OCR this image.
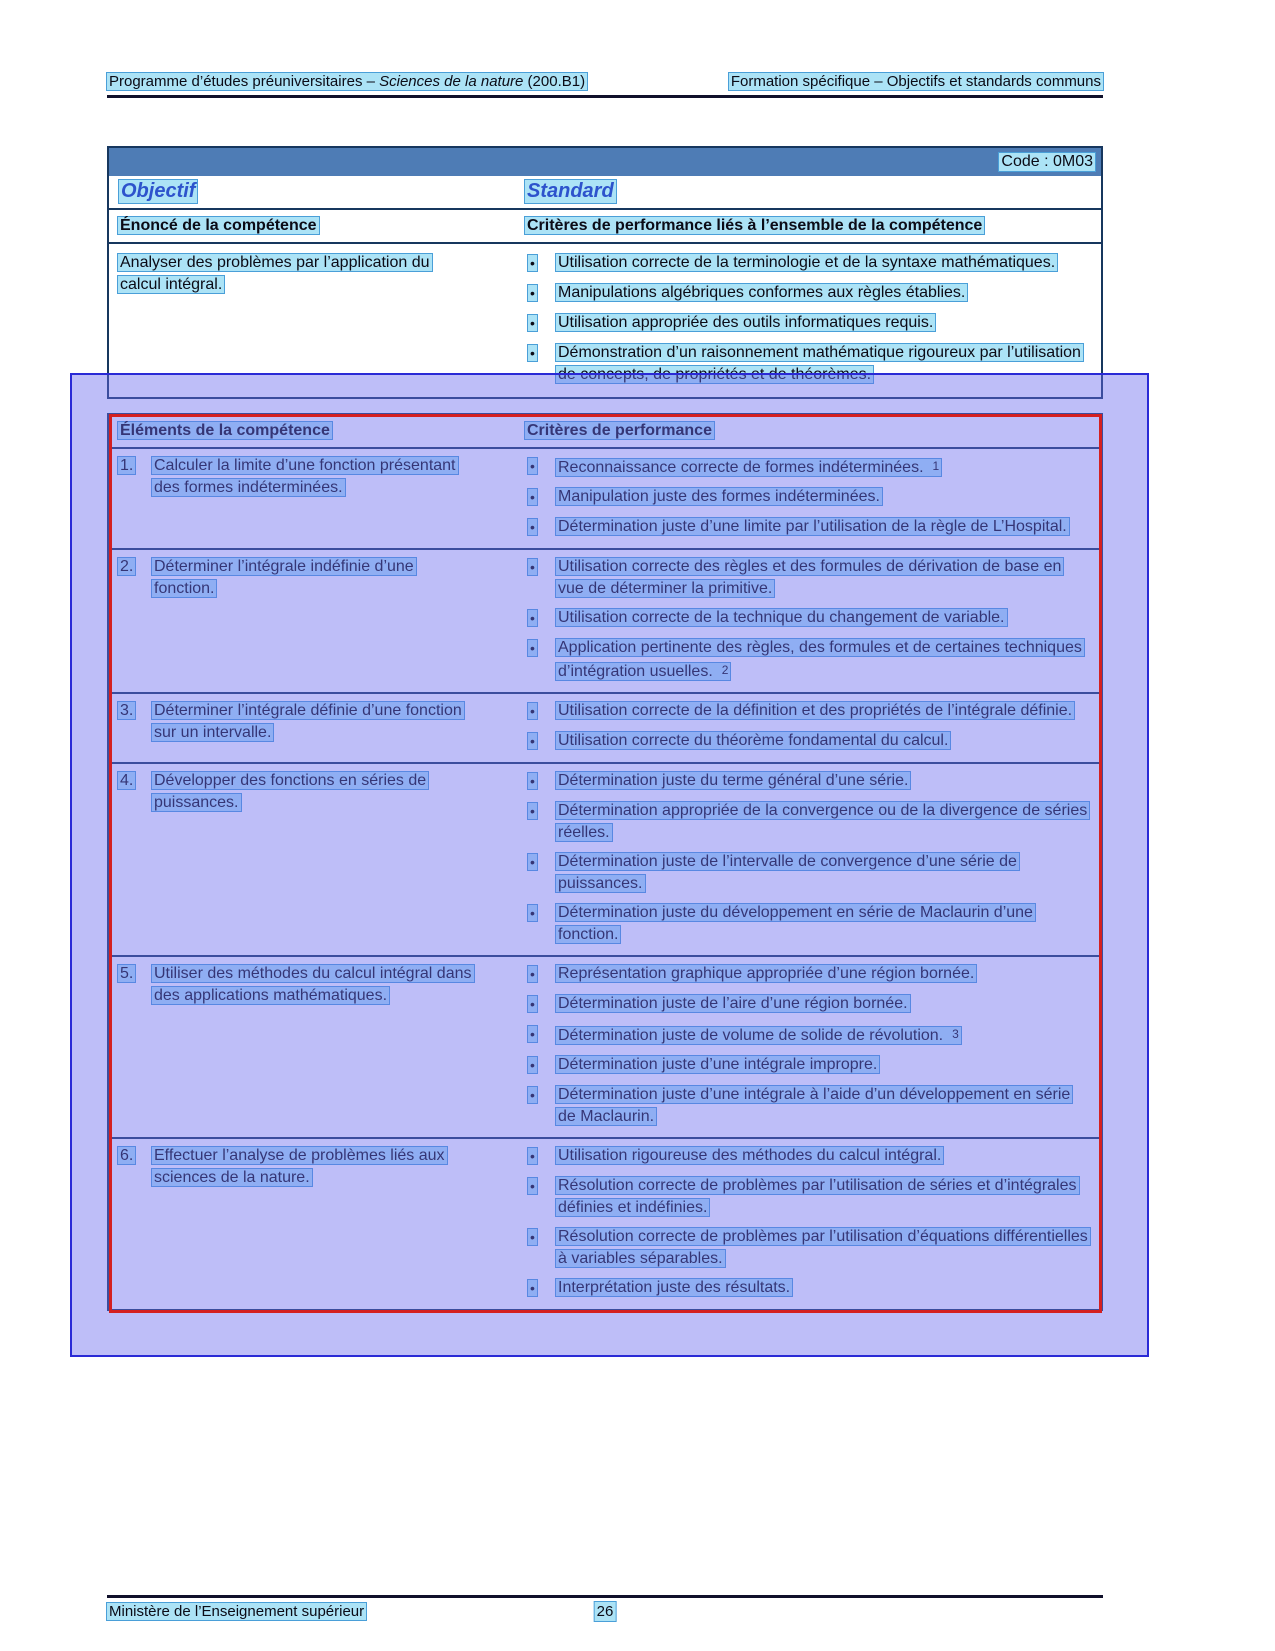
Programme d’études préuniversitaires – Sciences de la nature (200.B1)	Formation spécifique – Objectifs et standards communs
Code : 0M03
Objectif	Standard
Énoncé de la compétence	Critères de performance liés à l’ensemble de la compétence
Analyser des problèmes par l’application du calcul intégral.
•	Utilisation correcte de la terminologie et de la syntaxe mathématiques.
•	Manipulations algébriques conformes aux règles établies.
•	Utilisation appropriée des outils informatiques requis.
•	Démonstration d’un raisonnement mathématique rigoureux par l’utilisation de concepts, de propriétés et de théorèmes.
Éléments de la compétence	Critères de performance
1.	Calculer la limite d’une fonction présentant des formes indéterminées.
•	Reconnaissance correcte de formes indéterminées. $^1$
•	Manipulation juste des formes indéterminées.
•	Détermination juste d’une limite par l’utilisation de la règle de L’Hospital.
2.	Déterminer l’intégrale indéfinie d’une fonction.
•	Utilisation correcte des règles et des formules de dérivation de base en vue de déterminer la primitive.
•	Utilisation correcte de la technique du changement de variable.
•	Application pertinente des règles, des formules et de certaines techniques d’intégration usuelles. $^2$
3.	Déterminer l’intégrale définie d’une fonction sur un intervalle.
•	Utilisation correcte de la définition et des propriétés de l’intégrale définie.
•	Utilisation correcte du théorème fondamental du calcul.
4.	Développer des fonctions en séries de puissances.
•	Détermination juste du terme général d’une série.
•	Détermination appropriée de la convergence ou de la divergence de séries réelles.
•	Détermination juste de l’intervalle de convergence d’une série de puissances.
•	Détermination juste du développement en série de Maclaurin d’une fonction.
5.	Utiliser des méthodes du calcul intégral dans des applications mathématiques.
•	Représentation graphique appropriée d’une région bornée.
•	Détermination juste de l’aire d’une région bornée.
•	Détermination juste de volume de solide de révolution. $^3$
•	Détermination juste d’une intégrale impropre.
•	Détermination juste d’une intégrale à l’aide d’un développement en série de Maclaurin.
6.	Effectuer l’analyse de problèmes liés aux sciences de la nature.
•	Utilisation rigoureuse des méthodes du calcul intégral.
•	Résolution correcte de problèmes par l’utilisation de séries et d’intégrales définies et indéfinies.
•	Résolution correcte de problèmes par l’utilisation d’équations différentielles à variables séparables.
•	Interprétation juste des résultats.
Ministère de l’Enseignement supérieur	26
